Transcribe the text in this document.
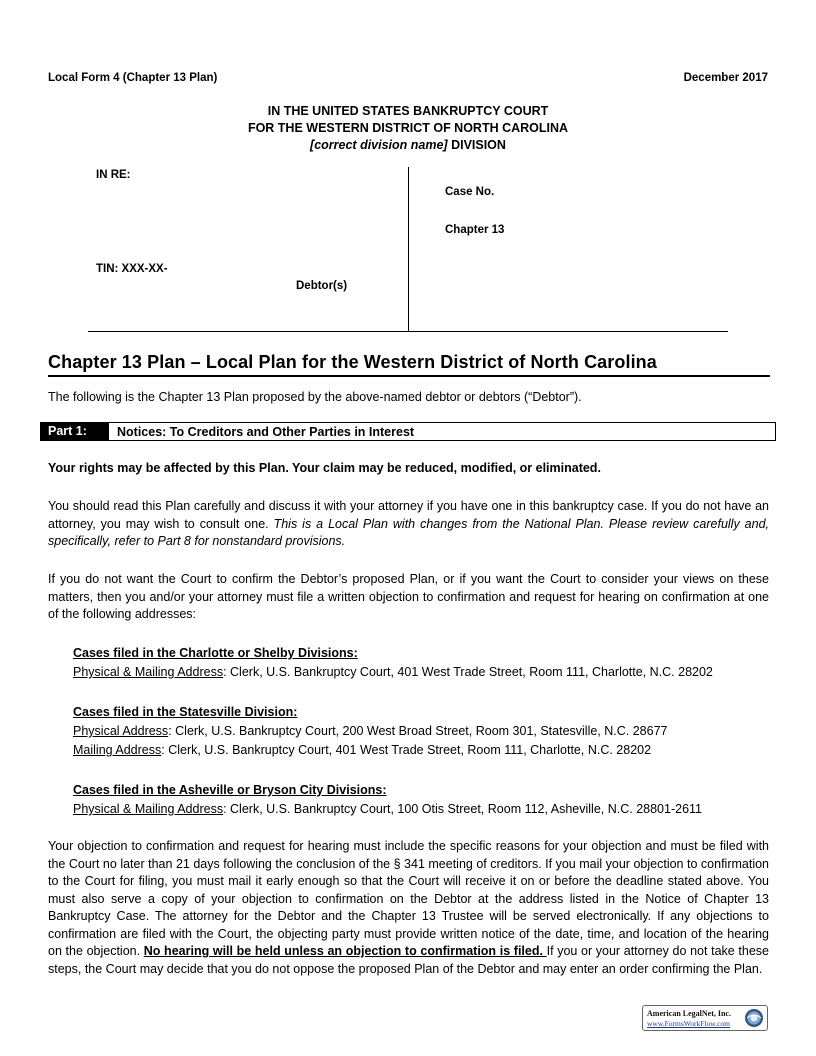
Local Form 4 (Chapter 13 Plan)	December 2017
IN THE UNITED STATES BANKRUPTCY COURT
FOR THE WESTERN DISTRICT OF NORTH CAROLINA
[correct division name] DIVISION
IN RE:
TIN: XXX-XX-
Debtor(s)
Case No.
Chapter 13
Chapter 13 Plan – Local Plan for the Western District of North Carolina
The following is the Chapter 13 Plan proposed by the above-named debtor or debtors (“Debtor”).
Part 1:	Notices: To Creditors and Other Parties in Interest
Your rights may be affected by this Plan. Your claim may be reduced, modified, or eliminated.
You should read this Plan carefully and discuss it with your attorney if you have one in this bankruptcy case. If you do not have an attorney, you may wish to consult one. This is a Local Plan with changes from the National Plan. Please review carefully and, specifically, refer to Part 8 for nonstandard provisions.
If you do not want the Court to confirm the Debtor’s proposed Plan, or if you want the Court to consider your views on these matters, then you and/or your attorney must file a written objection to confirmation and request for hearing on confirmation at one of the following addresses:
Cases filed in the Charlotte or Shelby Divisions:
Physical & Mailing Address: Clerk, U.S. Bankruptcy Court, 401 West Trade Street, Room 111, Charlotte, N.C. 28202
Cases filed in the Statesville Division:
Physical Address: Clerk, U.S. Bankruptcy Court, 200 West Broad Street, Room 301, Statesville, N.C. 28677
Mailing Address: Clerk, U.S. Bankruptcy Court, 401 West Trade Street, Room 111, Charlotte, N.C. 28202
Cases filed in the Asheville or Bryson City Divisions:
Physical & Mailing Address: Clerk, U.S. Bankruptcy Court, 100 Otis Street, Room 112, Asheville, N.C. 28801-2611
Your objection to confirmation and request for hearing must include the specific reasons for your objection and must be filed with the Court no later than 21 days following the conclusion of the § 341 meeting of creditors. If you mail your objection to confirmation to the Court for filing, you must mail it early enough so that the Court will receive it on or before the deadline stated above. You must also serve a copy of your objection to confirmation on the Debtor at the address listed in the Notice of Chapter 13 Bankruptcy Case. The attorney for the Debtor and the Chapter 13 Trustee will be served electronically. If any objections to confirmation are filed with the Court, the objecting party must provide written notice of the date, time, and location of the hearing on the objection. No hearing will be held unless an objection to confirmation is filed. If you or your attorney do not take these steps, the Court may decide that you do not oppose the proposed Plan of the Debtor and may enter an order confirming the Plan.
American LegalNet, Inc.
www.FormsWorkFlow.com
